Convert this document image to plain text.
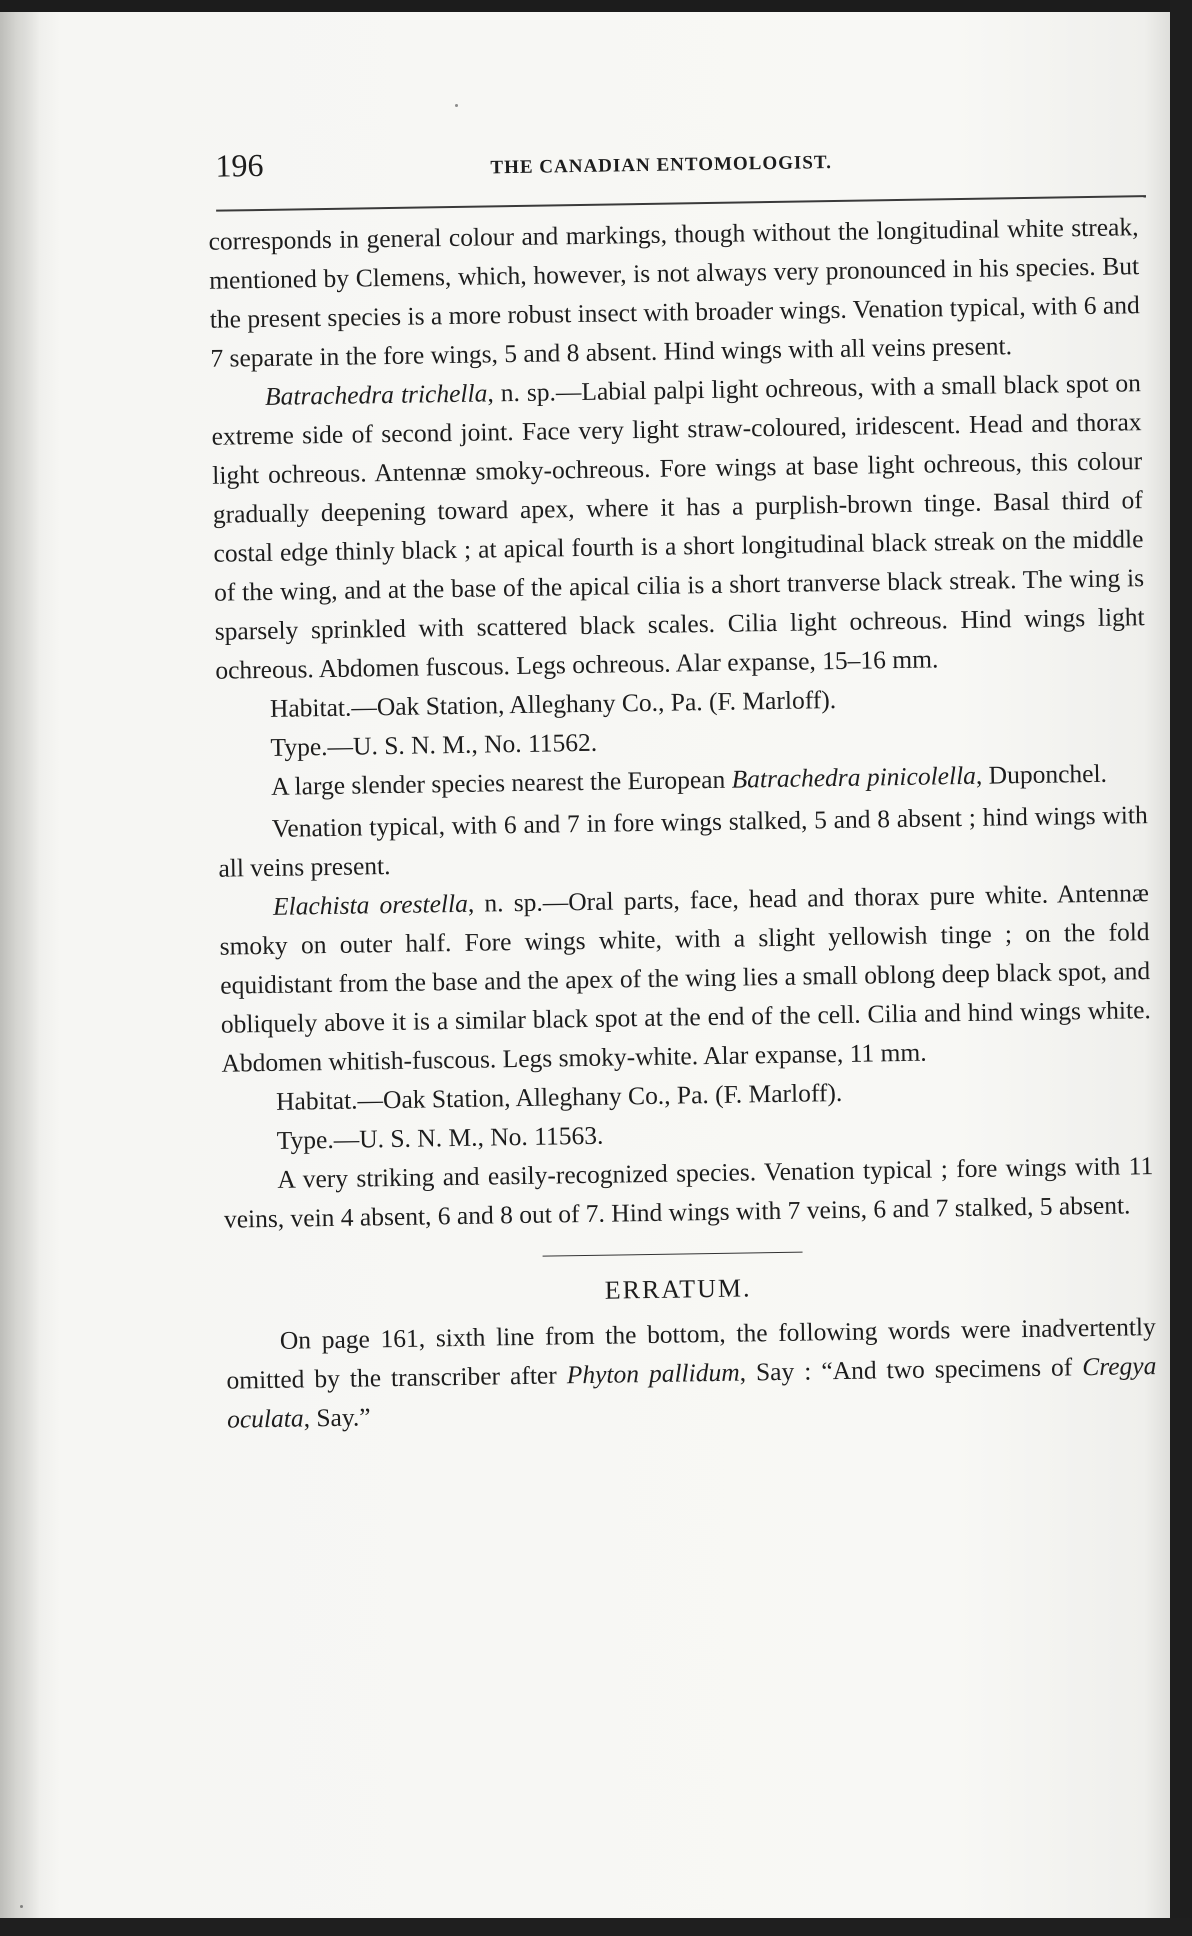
196	THE CANADIAN ENTOMOLOGIST.

corresponds in general colour and markings, though without the longitudinal white streak, mentioned by Clemens, which, however, is not always very pronounced in his species. But the present species is a more robust insect with broader wings. Venation typical, with 6 and 7 separate in the fore wings, 5 and 8 absent. Hind wings with all veins present.

Batrachedra trichella, n. sp.—Labial palpi light ochreous, with a small black spot on extreme side of second joint. Face very light straw-coloured, iridescent. Head and thorax light ochreous. Antennæ smoky-ochreous. Fore wings at base light ochreous, this colour gradually deepening toward apex, where it has a purplish-brown tinge. Basal third of costal edge thinly black ; at apical fourth is a short longitudinal black streak on the middle of the wing, and at the base of the apical cilia is a short tranverse black streak. The wing is sparsely sprinkled with scattered black scales. Cilia light ochreous. Hind wings light ochreous. Abdomen fuscous. Legs ochreous. Alar expanse, 15–16 mm.

Habitat.—Oak Station, Alleghany Co., Pa. (F. Marloff).

Type.—U. S. N. M., No. 11562.

A large slender species nearest the European Batrachedra pinicolella, Duponchel.

Venation typical, with 6 and 7 in fore wings stalked, 5 and 8 absent ; hind wings with all veins present.

Elachista orestella, n. sp.—Oral parts, face, head and thorax pure white. Antennæ smoky on outer half. Fore wings white, with a slight yellowish tinge ; on the fold equidistant from the base and the apex of the wing lies a small oblong deep black spot, and obliquely above it is a similar black spot at the end of the cell. Cilia and hind wings white. Abdomen whitish-fuscous. Legs smoky-white. Alar expanse, 11 mm.

Habitat.—Oak Station, Alleghany Co., Pa. (F. Marloff).

Type.—U. S. N. M., No. 11563.

A very striking and easily-recognized species. Venation typical ; fore wings with 11 veins, vein 4 absent, 6 and 8 out of 7. Hind wings with 7 veins, 6 and 7 stalked, 5 absent.

ERRATUM.

On page 161, sixth line from the bottom, the following words were inadvertently omitted by the transcriber after Phyton pallidum, Say : “And two specimens of Cregya oculata, Say.”
